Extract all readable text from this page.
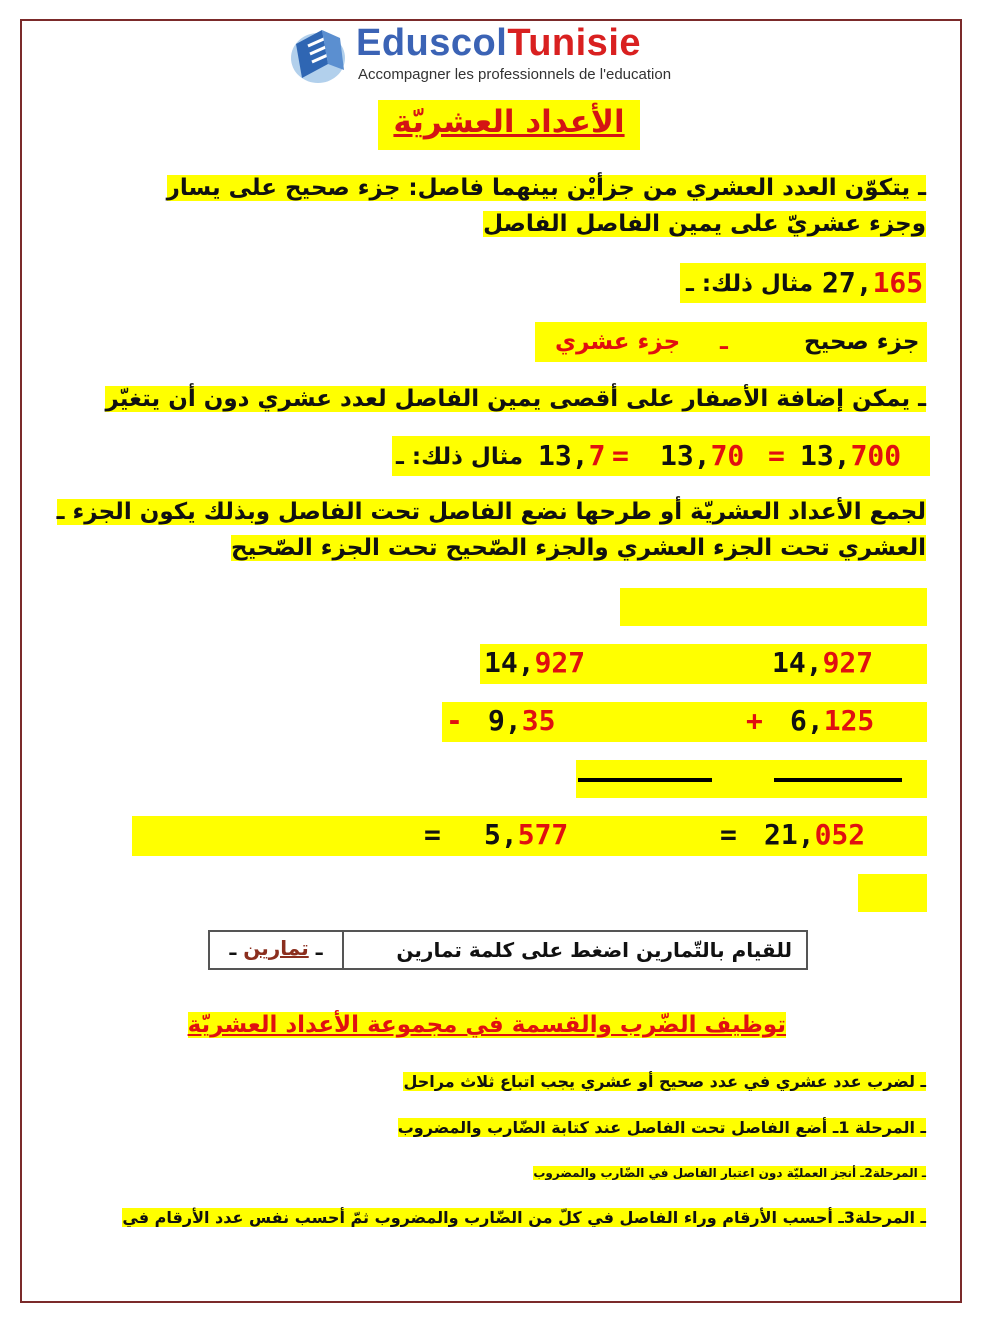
EduscolTunisie
Accompagner les professionnels de l'education
الأعداد العشريّة
ـ يتكوّن العدد العشري من جزأيْن بينهما فاصل: جزء صحيح على يسار
وجزء عشريّ على يمين الفاصل الفاصل
مثال ذلك: ـ 27,165
جزء صحيح
ـ
جزء عشري
ـ يمكن إضافة الأصفار على أقصى يمين الفاصل لعدد عشري دون أن يتغيّر
مثال ذلك: ـ 13,7 = 13,70 = 13,700
لجمع الأعداد العشريّة أو طرحها نضع الفاصل تحت الفاصل وبذلك يكون الجزء ـ
العشري تحت الجزء العشري والجزء الصّحيح تحت الجزء الصّحيح
14,927
+ 6,125
= 21,052
14,927
- 9,35
= 5,577
للقيام بالتّمارين اضغط على كلمة تمارين
ـ تمارين ـ
توظيف الضّرب والقسمة في مجموعة الأعداد العشريّة
ـ لضرب عدد عشري في عدد صحيح أو عشري يجب اتباع ثلاث مراحل
ـ المرحلة 1ـ أضع الفاصل تحت الفاصل عند كتابة الضّارب والمضروب
ـ المرحلة2ـ أنجز العمليّة دون اعتبار الفاصل في الضّارب والمضروب
ـ المرحلة3ـ أحسب الأرقام وراء الفاصل في كلّ من الضّارب والمضروب ثمّ أحسب نفس عدد الأرقام في
